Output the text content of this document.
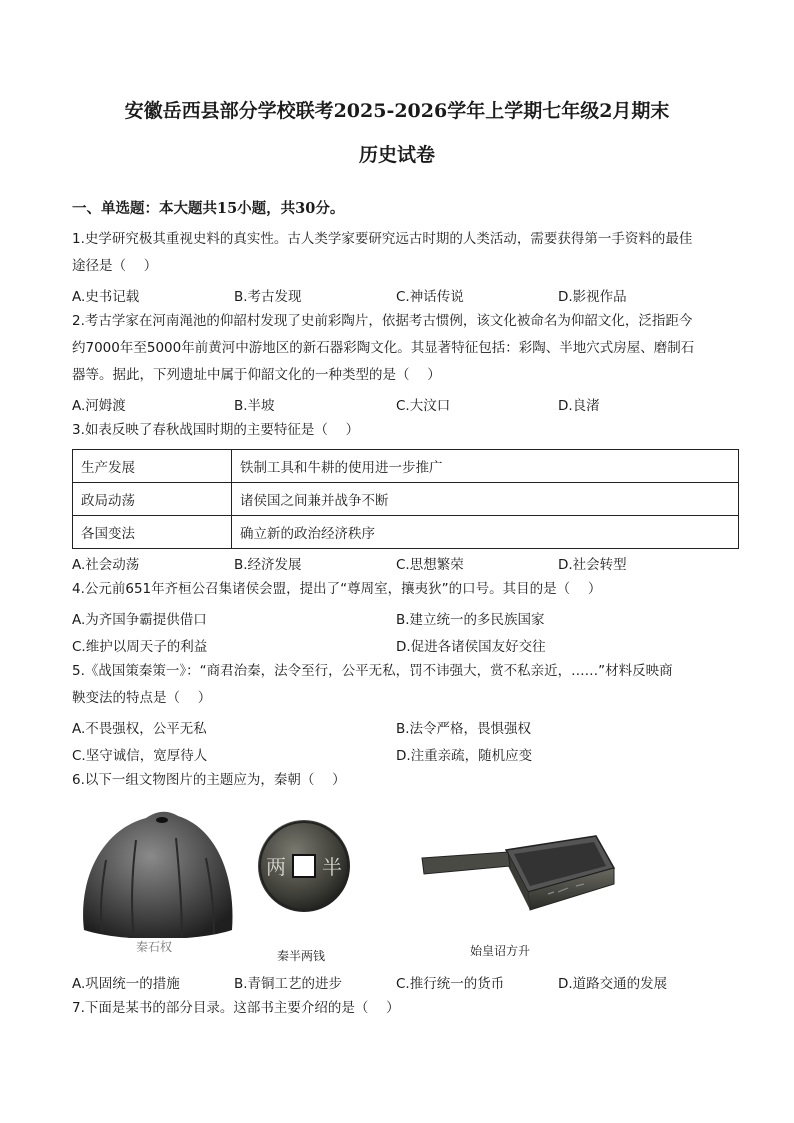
安徽岳西县部分学校联考2025-2026学年上学期七年级2月期末
历史试卷
一、单选题：本大题共15小题，共30分。
1.史学研究极其重视史料的真实性。古人类学家要研究远古时期的人类活动，需要获得第一手资料的最佳
途径是（　 ）
A.史书记载	B.考古发现	C.神话传说	D.影视作品
2.考古学家在河南渑池的仰韶村发现了史前彩陶片，依据考古惯例，该文化被命名为仰韶文化，泛指距今
约7000年至5000年前黄河中游地区的新石器彩陶文化。其显著特征包括：彩陶、半地穴式房屋、磨制石
器等。据此，下列遗址中属于仰韶文化的一种类型的是（　 ）
A.河姆渡	B.半坡	C.大汶口	D.良渚
3.如表反映了春秋战国时期的主要特征是（　 ）
生产发展	铁制工具和牛耕的使用进一步推广
政局动荡	诸侯国之间兼并战争不断
各国变法	确立新的政治经济秩序
A.社会动荡	B.经济发展	C.思想繁荣	D.社会转型
4.公元前651年齐桓公召集诸侯会盟，提出了“尊周室，攘夷狄”的口号。其目的是（　 ）
A.为齐国争霸提供借口	B.建立统一的多民族国家
C.维护以周天子的利益	D.促进各诸侯国友好交往
5.《战国策秦策一》：“商君治秦，法令至行，公平无私，罚不讳强大，赏不私亲近，……”材料反映商
鞅变法的特点是（　 ）
A.不畏强权，公平无私	B.法令严格，畏惧强权
C.坚守诚信，宽厚待人	D.注重亲疏，随机应变
6.以下一组文物图片的主题应为，秦朝（　 ）
秦石权
半
两
秦半两钱	始皇诏方升
A.巩固统一的措施	B.青铜工艺的进步	C.推行统一的货币	D.道路交通的发展
7.下面是某书的部分目录。这部书主要介绍的是（　 ）
